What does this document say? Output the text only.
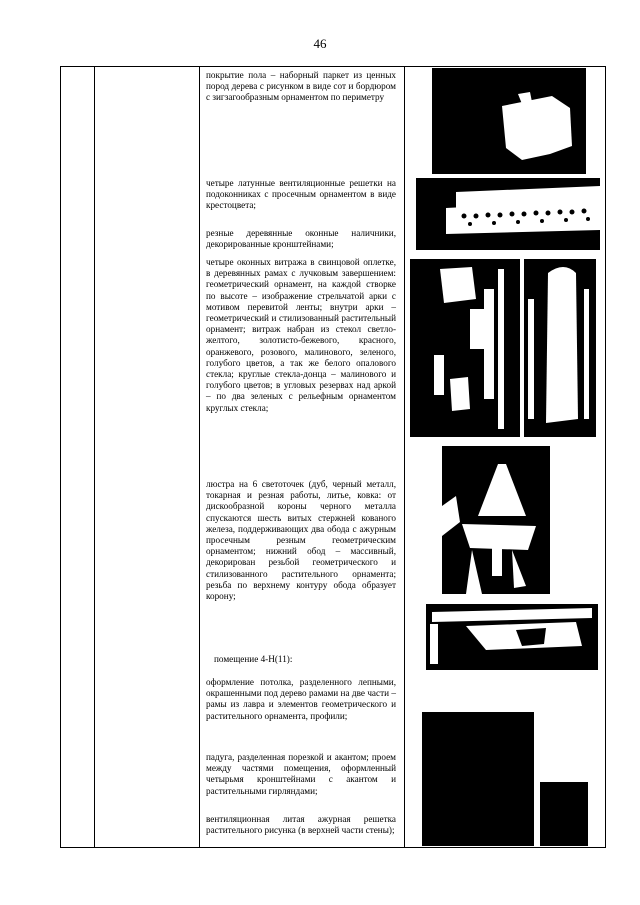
46

покрытие пола – наборный паркет из ценных пород дерева с рисунком в виде сот и бордюром с зигзагообразным орнаментом по периметру

четыре латунные вентиляционные решетки на подоконниках с просечным орнаментом в виде крестоцвета;

резные деревянные оконные наличники, декорированные кронштейнами;

четыре оконных витража в свинцовой оплетке, в деревянных рамах с лучковым завершением: геометрический орнамент, на каждой створке по высоте – изображение стрельчатой арки с мотивом перевитой ленты; внутри арки – геометрический и стилизованный растительный орнамент; витраж набран из стекол светло- желтого, золотисто-бежевого, красного, оранжевого, розового, малинового, зеленого, голубого цветов, а так же белого опалового стекла; круглые стекла-донца – малинового и голубого цветов; в угловых резервах над аркой – по два зеленых с рельефным орнаментом круглых стекла;

люстра на 6 светоточек (дуб, черный металл, токарная и резная работы, литье, ковка: от дискообразной короны черного металла спускаются шесть витых стержней кованого железа, поддерживающих два обода с ажурным просечным резным геометрическим орнаментом; нижний обод – массивный, декорирован резьбой геометрического и стилизованного растительного орнамента; резьба по верхнему контуру обода образует корону;

помещение 4-Н(11):

оформление потолка, разделенного лепными, окрашенными под дерево рамами на две части – рамы из лавра и элементов геометрического и растительного орнамента, профили;

падуга, разделенная порезкой и акантом; проем между частями помещения, оформленный четырьмя кронштейнами с акантом и растительными гирляндами;

вентиляционная литая ажурная решетка растительного рисунка (в верхней части стены);
